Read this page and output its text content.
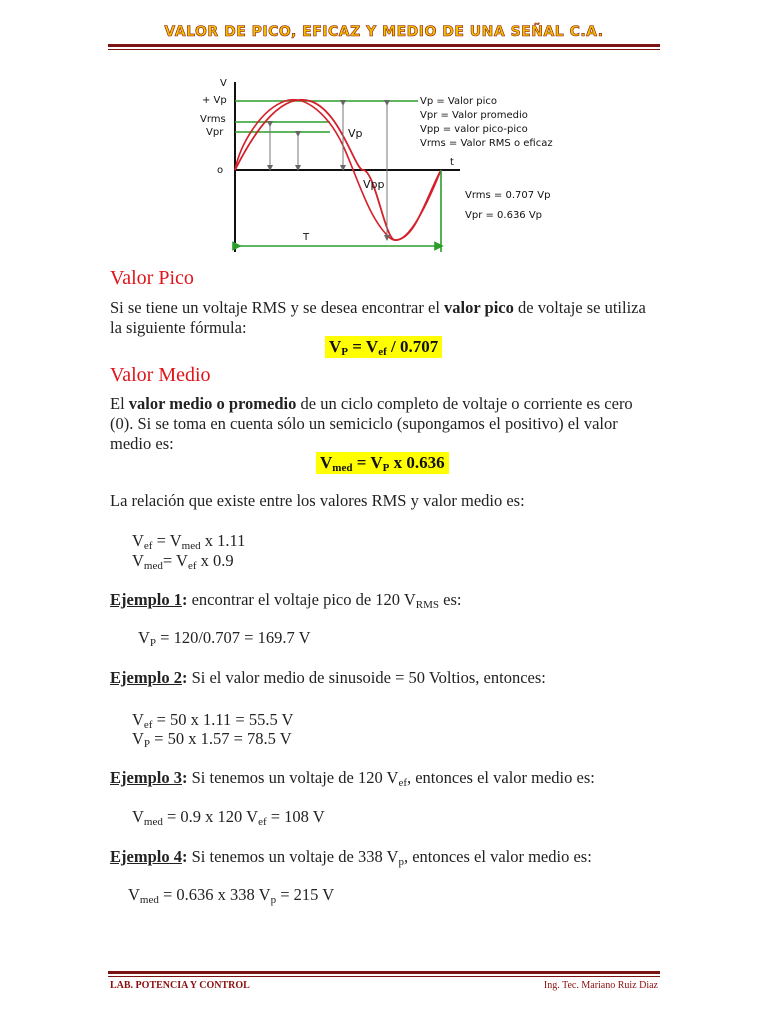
VALOR DE PICO, EFICAZ Y MEDIO DE UNA SEÑAL C.A.
V
+ Vp
Vrms
Vpr
o
Vp
Vpp
t
T
Vp = Valor pico
Vpr = Valor promedio
Vpp = valor pico-pico
Vrms = Valor RMS o eficaz
Vrms = 0.707 Vp
Vpr = 0.636 Vp
Valor Pico
Si se tiene un voltaje RMS y se desea encontrar el valor pico de voltaje se utiliza la siguiente fórmula:
$V_P = V_{ef} / 0.707$
Valor Medio
El valor medio o promedio de un ciclo completo de voltaje o corriente es cero (0). Si se toma en cuenta sólo un semiciclo (supongamos el positivo) el valor medio es:
$V_{med} = V_P$ x 0.636
La relación que existe entre los valores RMS y valor medio es:
$V_{ef} = V_{med}$ x 1.11
$V_{med}= V_{ef}$ x 0.9
Ejemplo 1: encontrar el voltaje pico de 120 $V_{RMS}$ es:
$V_P = 120/0.707 = 169.7$ V
Ejemplo 2: Si el valor medio de sinusoide = 50 Voltios, entonces:
$V_{ef} = 50$ x 1.11 = 55.5 V
$V_P = 50$ x 1.57 = 78.5 V
Ejemplo 3: Si tenemos un voltaje de 120 $V_{ef}$, entonces el valor medio es:
$V_{med} = 0.9$ x 120 $V_{ef} = 108$ V
Ejemplo 4: Si tenemos un voltaje de 338 $V_p$, entonces el valor medio es:
$V_{med} = 0.636$ x 338 $V_p = 215$ V
LAB. POTENCIA Y CONTROL	Ing. Tec. Mariano Ruiz Diaz
